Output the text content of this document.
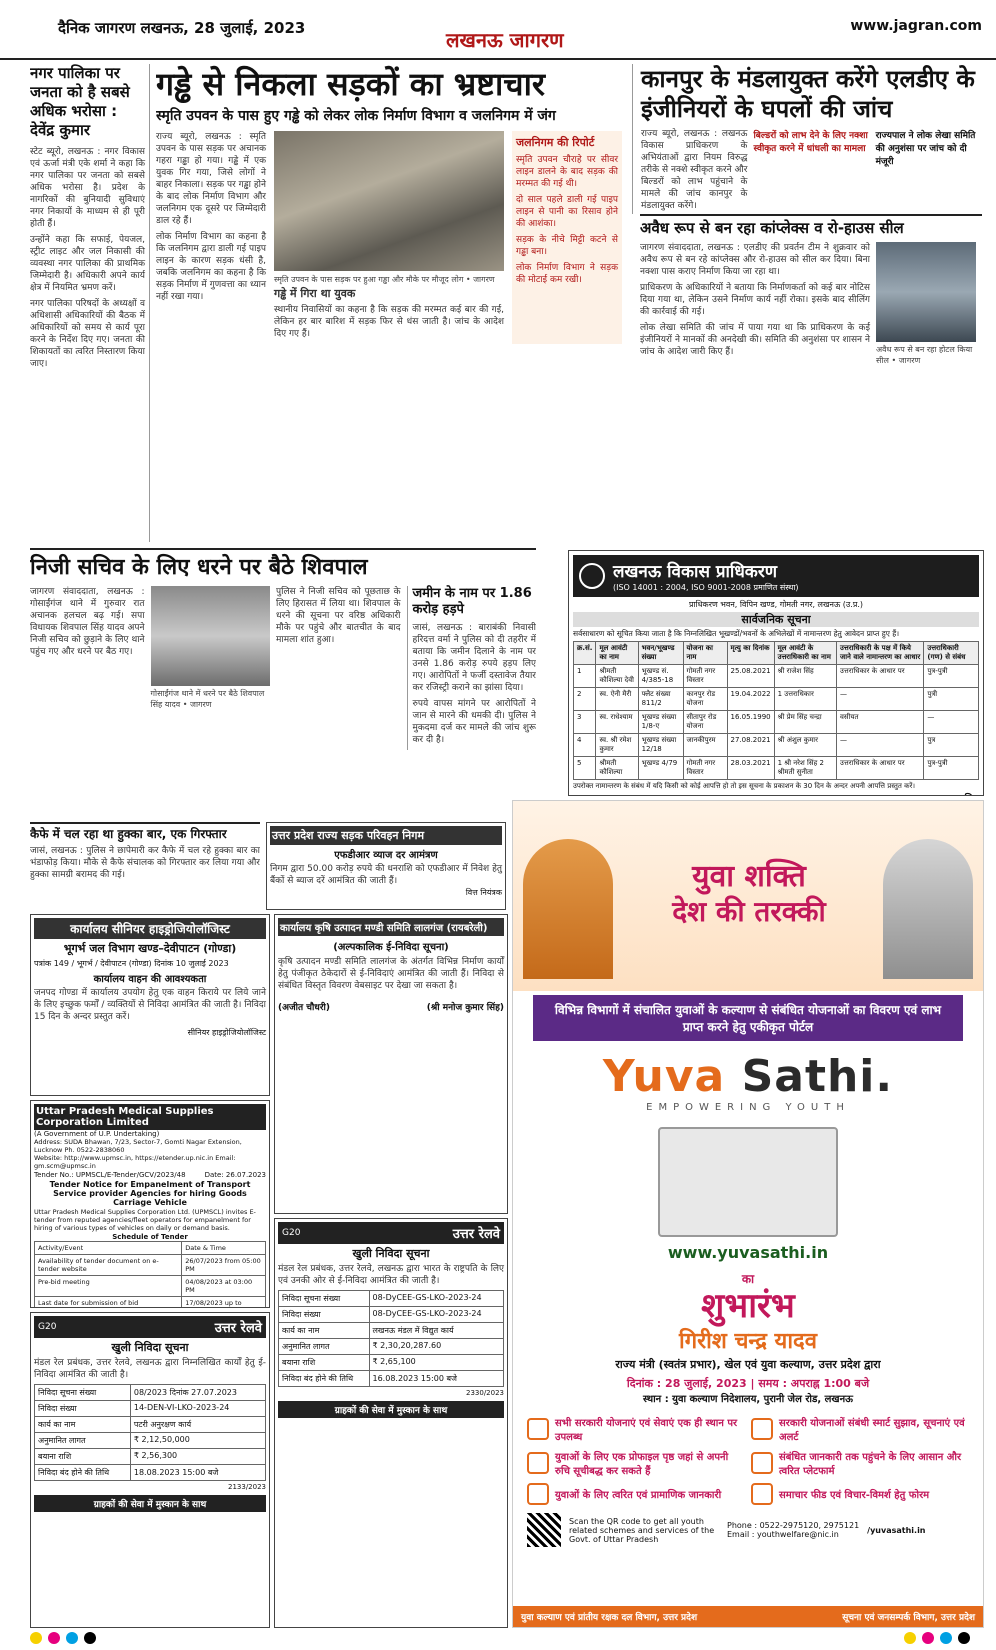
दैनिक जागरण लखनऊ, 28 जुलाई, 2023	लखनऊ जागरण
www.jagran.com
नगर पालिका पर जनता को है सबसे अधिक भरोसा : देवेंद्र कुमार

स्टेट ब्यूरो, लखनऊ : नगर विकास एवं ऊर्जा मंत्री एके शर्मा ने कहा कि नगर पालिका पर जनता को सबसे अधिक भरोसा है। प्रदेश के नागरिकों की बुनियादी सुविधाएं नगर निकायों के माध्यम से ही पूरी होती हैं।

उन्होंने कहा कि सफाई, पेयजल, स्ट्रीट लाइट और जल निकासी की व्यवस्था नगर पालिका की प्राथमिक जिम्मेदारी है। अधिकारी अपने कार्य क्षेत्र में नियमित भ्रमण करें।

नगर पालिका परिषदों के अध्यक्षों व अधिशासी अधिकारियों की बैठक में अधिकारियों को समय से कार्य पूरा करने के निर्देश दिए गए। जनता की शिकायतों का त्वरित निस्तारण किया जाए।

गड्ढे से निकला सड़कों का भ्रष्टाचार
स्मृति उपवन के पास हुए गड्ढे को लेकर लोक निर्माण विभाग व जलनिगम में जंग

राज्य ब्यूरो, लखनऊ : स्मृति उपवन के पास सड़क पर अचानक गहरा गड्ढा हो गया। गड्ढे में एक युवक गिर गया, जिसे लोगों ने बाहर निकाला। सड़क पर गड्ढा होने के बाद लोक निर्माण विभाग और जलनिगम एक दूसरे पर जिम्मेदारी डाल रहे हैं।

लोक निर्माण विभाग का कहना है कि जलनिगम द्वारा डाली गई पाइप लाइन के कारण सड़क धंसी है, जबकि जलनिगम का कहना है कि सड़क निर्माण में गुणवत्ता का ध्यान नहीं रखा गया।

स्मृति उपवन के पास सड़क पर हुआ गड्ढा और मौके पर मौजूद लोग • जागरण

गड्ढे में गिरा था युवक

स्थानीय निवासियों का कहना है कि सड़क की मरम्मत कई बार की गई, लेकिन हर बार बारिश में सड़क फिर से धंस जाती है। जांच के आदेश दिए गए हैं।

जलनिगम की रिपोर्ट

स्मृति उपवन चौराहे पर सीवर लाइन डालने के बाद सड़क की मरम्मत की गई थी।

दो साल पहले डाली गई पाइप लाइन से पानी का रिसाव होने की आशंका।

सड़क के नीचे मिट्टी कटने से गड्ढा बना।

लोक निर्माण विभाग ने सड़क की मोटाई कम रखी।

कानपुर के मंडलायुक्त करेंगे एलडीए के इंजीनियरों के घपलों की जांच

राज्य ब्यूरो, लखनऊ : लखनऊ विकास प्राधिकरण के अभियंताओं द्वारा नियम विरुद्ध तरीके से नक्शे स्वीकृत करने और बिल्डरों को लाभ पहुंचाने के मामले की जांच कानपुर के मंडलायुक्त करेंगे।

बिल्डरों को लाभ देने के लिए नक्शा स्वीकृत करने में धांधली का मामला
राज्यपाल ने लोक लेखा समिति की अनुशंसा पर जांच को दी मंजूरी
अवैध रूप से बन रहा कांप्लेक्स व रो-हाउस सील

जागरण संवाददाता, लखनऊ : एलडीए की प्रवर्तन टीम ने शुक्रवार को अवैध रूप से बन रहे कांप्लेक्स और रो-हाउस को सील कर दिया। बिना नक्शा पास कराए निर्माण किया जा रहा था।

प्राधिकरण के अधिकारियों ने बताया कि निर्माणकर्ता को कई बार नोटिस दिया गया था, लेकिन उसने निर्माण कार्य नहीं रोका। इसके बाद सीलिंग की कार्रवाई की गई।

लोक लेखा समिति की जांच में पाया गया था कि प्राधिकरण के कई इंजीनियरों ने मानकों की अनदेखी की। समिति की अनुशंसा पर शासन ने जांच के आदेश जारी किए हैं।	अवैध रूप से बन रहा होटल किया सील • जागरण
निजी सचिव के लिए धरने पर बैठे शिवपाल

जागरण संवाददाता, लखनऊ : गोसाईंगंज थाने में गुरुवार रात अचानक हलचल बढ़ गई। सपा विधायक शिवपाल सिंह यादव अपने निजी सचिव को छुड़ाने के लिए थाने पहुंच गए और धरने पर बैठ गए।

गोसाईंगंज थाने में धरने पर बैठे शिवपाल सिंह यादव • जागरण

पुलिस ने निजी सचिव को पूछताछ के लिए हिरासत में लिया था। शिवपाल के धरने की सूचना पर वरिष्ठ अधिकारी मौके पर पहुंचे और बातचीत के बाद मामला शांत हुआ।

जमीन के नाम पर 1.86 करोड़ हड़पे

जासं, लखनऊ : बाराबंकी निवासी हरिदत्त वर्मा ने पुलिस को दी तहरीर में बताया कि जमीन दिलाने के नाम पर उनसे 1.86 करोड़ रुपये हड़प लिए गए। आरोपितों ने फर्जी दस्तावेज तैयार कर रजिस्ट्री कराने का झांसा दिया।

रुपये वापस मांगने पर आरोपितों ने जान से मारने की धमकी दी। पुलिस ने मुकदमा दर्ज कर मामले की जांच शुरू कर दी है।

लखनऊ विकास प्राधिकरण
(ISO 14001 : 2004, ISO 9001-2008 प्रमाणित संस्था)
प्राधिकरण भवन, विपिन खण्ड, गोमती नगर, लखनऊ (उ.प्र.)
सार्वजनिक सूचना
सर्वसाधारण को सूचित किया जाता है कि निम्नलिखित भूखण्डों/भवनों के अभिलेखों में नामान्तरण हेतु आवेदन प्राप्त हुए हैं।
क्र.सं.	मूल आवंटी का नाम	भवन/भूखण्ड संख्या	योजना का नाम	मृत्यु का दिनांक	मूल आवंटी के उत्तराधिकारी का नाम	उत्तराधिकारी के पक्ष में किये जाने वाले नामान्तरण का आधार	उत्तराधिकारी (गण) से संबंध
1	श्रीमती कौशिल्या देवी	भूखण्ड सं. 4/385-18	गोमती नगर विस्तार	25.08.2021	श्री राजेश सिंह	उत्तराधिकार के आधार पर	पुत्र-पुत्री
2	स्व. ऐनी मैरी	फ्लैट संख्या 811/2	कानपुर रोड योजना	19.04.2022	1 उत्तराधिकार	—	पुत्री
3	स्व. राधेश्याम	भूखण्ड संख्या 1/8-ए	सीतापुर रोड योजना	16.05.1990	श्री प्रेम सिंह चन्द्रा	वसीयत	—
4	स्व. श्री रमेश कुमार	भूखण्ड संख्या 12/18	जानकीपुरम	27.08.2021	श्री अंशुल कुमार	—	पुत्र
5	श्रीमती कौशिल्या	भूखण्ड 4/79	गोमती नगर विस्तार	28.03.2021	1 श्री नरेश सिंह 2 श्रीमती सुनीता	उत्तराधिकार के आधार पर	पुत्र-पुत्री
उपरोक्त नामान्तरण के संबंध में यदि किसी को कोई आपत्ति हो तो इस सूचना के प्रकाशन के 30 दिन के अन्दर अपनी आपत्ति प्रस्तुत करें।
कैफे में चल रहा था हुक्का बार, एक गिरफ्तार
जासं, लखनऊ : पुलिस ने छापेमारी कर कैफे में चल रहे हुक्का बार का भंडाफोड़ किया। मौके से कैफे संचालक को गिरफ्तार कर लिया गया और हुक्का सामग्री बरामद की गई।
उत्तर प्रदेश राज्य सड़क परिवहन निगम
एफडीआर व्याज दर आमंत्रण
निगम द्वारा 50.00 करोड़ रुपये की धनराशि को एफडीआर में निवेश हेतु बैंकों से ब्याज दरें आमंत्रित की जाती हैं।
वित्त नियंत्रक
कार्यालय सीनियर हाइड्रोजियोलॉजिस्ट
भूगर्भ जल विभाग खण्ड–देवीपाटन (गोण्डा)
पत्रांक 149 / भूगर्भ / देवीपाटन (गोण्डा) दिनांक 10 जुलाई 2023
कार्यालय वाहन की आवश्यकता
जनपद गोण्डा में कार्यालय उपयोग हेतु एक वाहन किराये पर लिये जाने के लिए इच्छुक फर्मों / व्यक्तियों से निविदा आमंत्रित की जाती है। निविदा 15 दिन के अन्दर प्रस्तुत करें।
सीनियर हाइड्रोजियोलॉजिस्ट
Uttar Pradesh Medical Supplies Corporation Limited
(A Government of U.P. Undertaking)
Address: SUDA Bhawan, 7/23, Sector-7, Gomti Nagar Extension, Lucknow Ph. 0522-2838060
Website: http://www.upmsc.in, https://etender.up.nic.in Email: gm.scm@upmsc.in
Tender No.: UPMSCL/E-Tender/GCV/2023/48	Date: 26.07.2023
Tender Notice for Empanelment of Transport Service provider Agencies for hiring Goods Carriage Vehicle
Uttar Pradesh Medical Supplies Corporation Ltd. (UPMSCL) invites E-tender from reputed agencies/fleet operators for empanelment for hiring of various types of vehicles on daily or demand basis.
Schedule of Tender
Activity/Event	Date & Time
Availability of tender document on e-tender website	26/07/2023 from 05:00 PM
Pre-bid meeting	04/08/2023 at 03:00 PM
Last date for submission of bid	17/08/2023 up to

कार्यालय कृषि उत्पादन मण्डी समिति लालगंज (रायबरेली)
(अल्पकालिक ई-निविदा सूचना)
कृषि उत्पादन मण्डी समिति लालगंज के अंतर्गत विभिन्न निर्माण कार्यों हेतु पंजीकृत ठेकेदारों से ई-निविदाएं आमंत्रित की जाती हैं। निविदा से संबंधित विस्तृत विवरण वेबसाइट पर देखा जा सकता है।
(अजीत चौधरी)	(श्री मनोज कुमार सिंह)
G20	उत्तर रेलवे
खुली निविदा सूचना
मंडल रेल प्रबंधक, उत्तर रेलवे, लखनऊ द्वारा भारत के राष्ट्रपति के लिए एवं उनकी ओर से ई-निविदा आमंत्रित की जाती है।
निविदा सूचना संख्या	08-DyCEE-GS-LKO-2023-24
निविदा संख्या	08-DyCEE-GS-LKO-2023-24
कार्य का नाम	लखनऊ मंडल में विद्युत कार्य
अनुमानित लागत	₹ 2,30,20,287.60
बयाना राशि	₹ 2,65,100
निविदा बंद होने की तिथि	16.08.2023 15:00 बजे
2330/2023
ग्राहकों की सेवा में मुस्कान के साथ
G20	उत्तर रेलवे
खुली निविदा सूचना
मंडल रेल प्रबंधक, उत्तर रेलवे, लखनऊ द्वारा निम्नलिखित कार्यों हेतु ई-निविदा आमंत्रित की जाती है।
निविदा सूचना संख्या	08/2023 दिनांक 27.07.2023
निविदा संख्या	14-DEN-VI-LKO-2023-24
कार्य का नाम	पटरी अनुरक्षण कार्य
अनुमानित लागत	₹ 2,12,50,000
बयाना राशि	₹ 2,56,300
निविदा बंद होने की तिथि	18.08.2023 15:00 बजे
2133/2023
ग्राहकों की सेवा में मुस्कान के साथ
युवा शक्ति
देश की तरक्की
विभिन्न विभागों में संचालित युवाओं के कल्याण से संबंधित योजनाओं का विवरण एवं लाभ प्राप्त करने हेतु एकीकृत पोर्टल
Yuva Sathi.
EMPOWERING YOUTH
www.yuvasathi.in
का
शुभारंभ
गिरीश चन्द्र यादव
राज्य मंत्री (स्वतंत्र प्रभार), खेल एवं युवा कल्याण, उत्तर प्रदेश द्वारा
दिनांक : 28 जुलाई, 2023 | समय : अपराह्न 1:00 बजे
स्थान : युवा कल्याण निदेशालय, पुरानी जेल रोड, लखनऊ
सभी सरकारी योजनाएं एवं सेवाएं एक ही स्थान पर उपलब्ध
सरकारी योजनाओं संबंधी स्मार्ट सुझाव, सूचनाएं एवं अलर्ट
युवाओं के लिए एक प्रोफाइल पृष्ठ जहां से अपनी रुचि सूचीबद्ध कर सकते हैं
संबंधित जानकारी तक पहुंचने के लिए आसान और त्वरित प्लेटफार्म
युवाओं के लिए त्वरित एवं प्रामाणिक जानकारी	समाचार फीड एवं विचार-विमर्श हेतु फोरम
Scan the QR code to get all youth related schemes and services of the Govt. of Uttar Pradesh
Phone : 0522-2975120, 2975121
Email : youthwelfare@nic.in	/yuvasathi.in
युवा कल्याण एवं प्रांतीय रक्षक दल विभाग, उत्तर प्रदेश	सूचना एवं जनसम्पर्क विभाग, उत्तर प्रदेश
